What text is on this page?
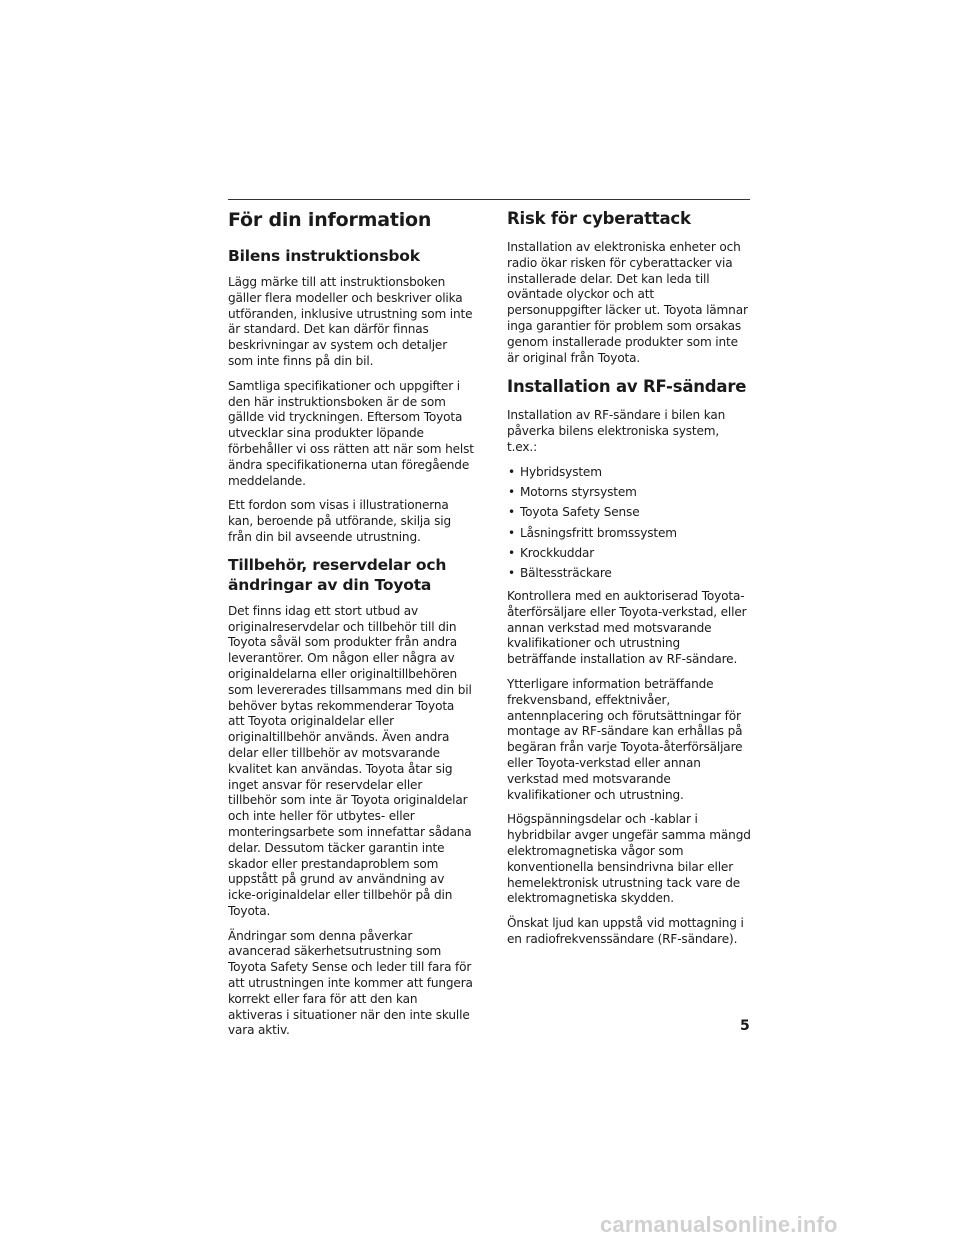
För din information
Bilens instruktionsbok

Lägg märke till att instruktionsboken gäller flera modeller och beskriver olika utföranden, inklusive utrustning som inte är standard. Det kan därför finnas beskrivningar av system och detaljer som inte finns på din bil.

Samtliga specifikationer och uppgifter i den här instruktionsboken är de som gällde vid tryckningen. Eftersom Toyota utvecklar sina produkter löpande förbehåller vi oss rätten att när som helst ändra specifikationerna utan föregående meddelande.

Ett fordon som visas i illustrationerna kan, beroende på utförande, skilja sig från din bil avseende utrustning.

Tillbehör, reservdelar och ändringar av din Toyota

Det finns idag ett stort utbud av originalreservdelar och tillbehör till din Toyota såväl som produkter från andra leverantörer. Om någon eller några av originaldelarna eller originaltillbehören som levererades tillsammans med din bil behöver bytas rekommenderar Toyota att Toyota originaldelar eller originaltillbehör används. Även andra delar eller tillbehör av motsvarande kvalitet kan användas. Toyota åtar sig inget ansvar för reservdelar eller tillbehör som inte är Toyota originaldelar och inte heller för utbytes- eller monteringsarbete som innefattar sådana delar. Dessutom täcker garantin inte skador eller prestandaproblem som uppstått på grund av användning av icke-originaldelar eller tillbehör på din Toyota.

Ändringar som denna påverkar avancerad säkerhetsutrustning som Toyota Safety Sense och leder till fara för att utrustningen inte kommer att fungera korrekt eller fara för att den kan aktiveras i situationer när den inte skulle vara aktiv.

Risk för cyberattack

Installation av elektroniska enheter och radio ökar risken för cyberattacker via installerade delar. Det kan leda till oväntade olyckor och att personuppgifter läcker ut. Toyota lämnar inga garantier för problem som orsakas genom installerade produkter som inte är original från Toyota.

Installation av RF-sändare

Installation av RF-sändare i bilen kan påverka bilens elektroniska system, t.ex.:

• Hybridsystem
• Motorns styrsystem
• Toyota Safety Sense
• Låsningsfritt bromssystem
• Krockkuddar
• Bältessträckare

Kontrollera med en auktoriserad Toyota-återförsäljare eller Toyota-verkstad, eller annan verkstad med motsvarande kvalifikationer och utrustning beträffande installation av RF-sändare.

Ytterligare information beträffande frekvensband, effektnivåer, antennplacering och förutsättningar för montage av RF-sändare kan erhållas på begäran från varje Toyota-återförsäljare eller Toyota-verkstad eller annan verkstad med motsvarande kvalifikationer och utrustning.

Högspänningsdelar och -kablar i hybridbilar avger ungefär samma mängd elektromagnetiska vågor som konventionella bensindrivna bilar eller hemelektronisk utrustning tack vare de elektromagnetiska skydden.

Önskat ljud kan uppstå vid mottagning i en radiofrekvenssändare (RF-sändare).

5
carmanualsonline.info
